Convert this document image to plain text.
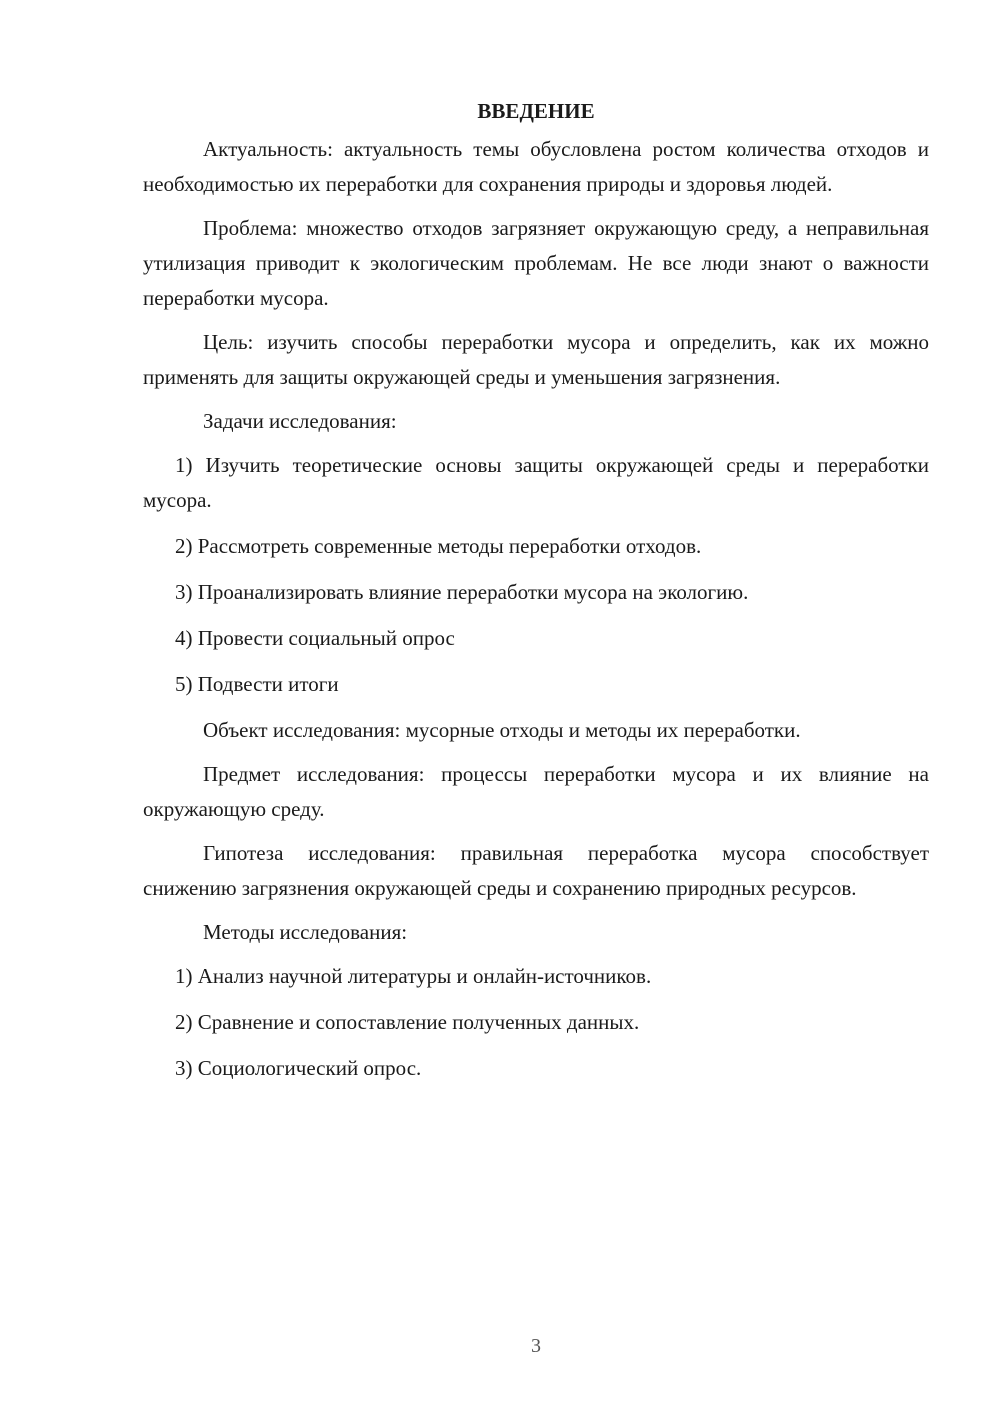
ВВЕДЕНИЕ

Актуальность: актуальность темы обусловлена ростом количества отходов и необходимостью их переработки для сохранения природы и здоровья людей.

Проблема: множество отходов загрязняет окружающую среду, а неправильная утилизация приводит к экологическим проблемам. Не все люди знают о важности переработки мусора.

Цель: изучить способы переработки мусора и определить, как их можно применять для защиты окружающей среды и уменьшения загрязнения.

Задачи исследования:

1) Изучить теоретические основы защиты окружающей среды и переработки мусора.

2) Рассмотреть современные методы переработки отходов.

3) Проанализировать влияние переработки мусора на экологию.

4) Провести социальный опрос

5) Подвести итоги

Объект исследования: мусорные отходы и методы их переработки.

Предмет исследования: процессы переработки мусора и их влияние на окружающую среду.

Гипотеза исследования: правильная переработка мусора способствует снижению загрязнения окружающей среды и сохранению природных ресурсов.

Методы исследования:

1) Анализ научной литературы и онлайн-источников.

2) Сравнение и сопоставление полученных данных.

3) Социологический опрос.

3
